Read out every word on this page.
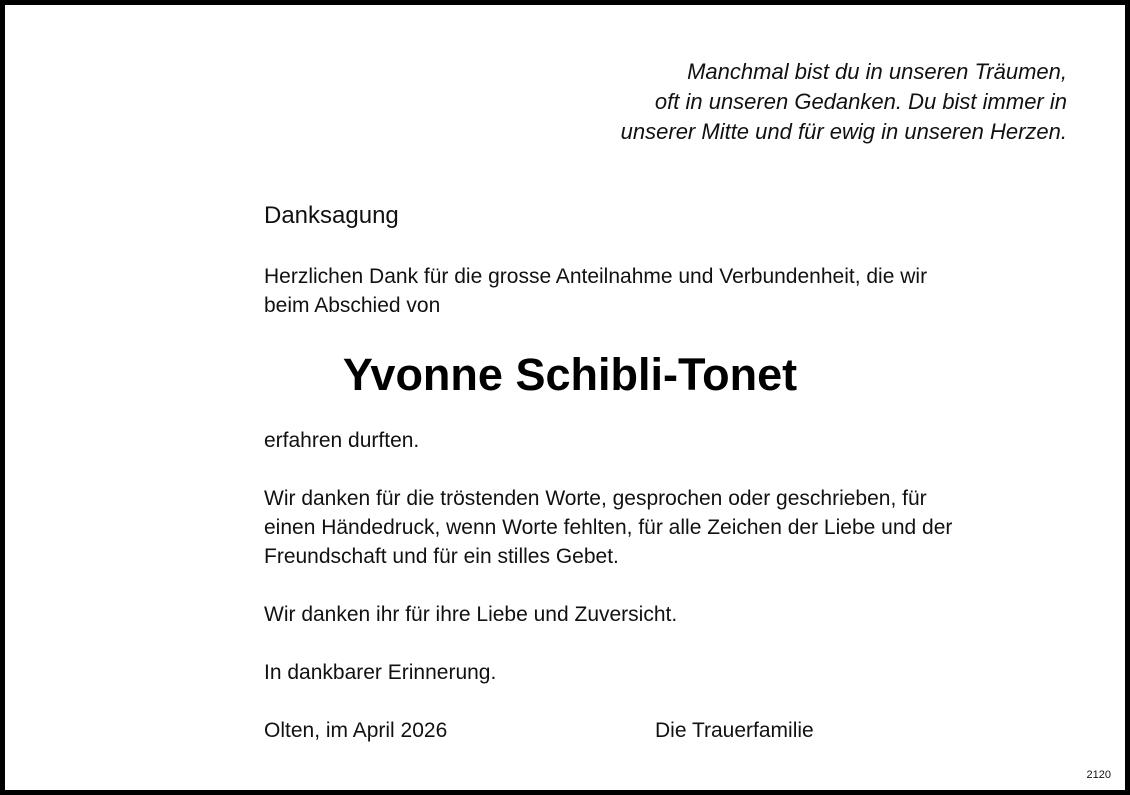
Manchmal bist du in unseren Träumen,
oft in unseren Gedanken. Du bist immer in
unserer Mitte und für ewig in unseren Herzen.
Danksagung
Herzlichen Dank für die grosse Anteilnahme und Verbundenheit, die wir
beim Abschied von
Yvonne Schibli-Tonet
erfahren durften.
Wir danken für die tröstenden Worte, gesprochen oder geschrieben, für
einen Händedruck, wenn Worte fehlten, für alle Zeichen der Liebe und der
Freundschaft und für ein stilles Gebet.
Wir danken ihr für ihre Liebe und Zuversicht.
In dankbarer Erinnerung.
Olten, im April 2026	Die Trauerfamilie
2120
